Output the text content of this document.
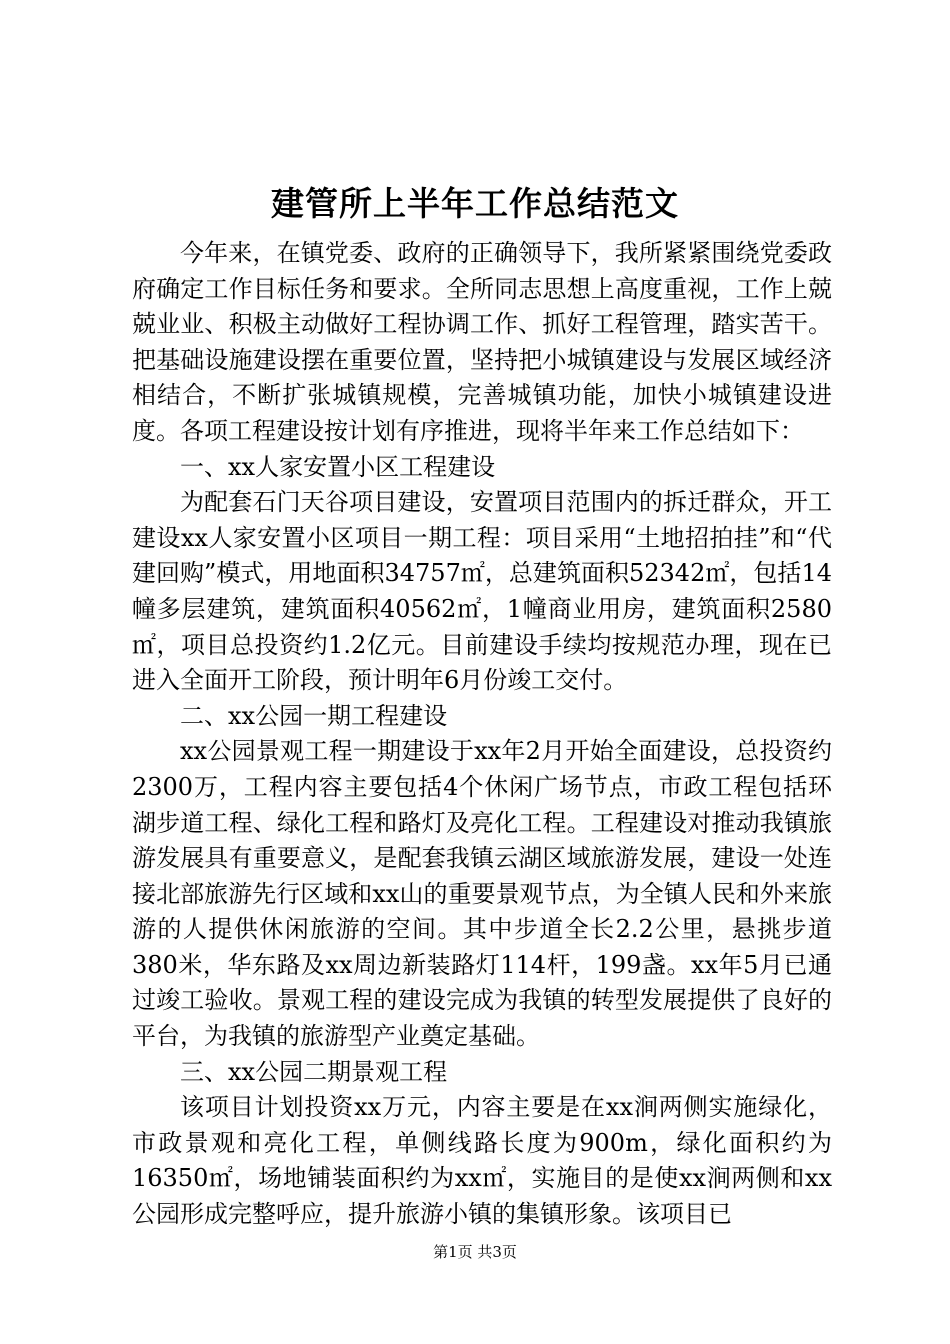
建管所上半年工作总结范文

今年来，在镇党委、政府的正确领导下，我所紧紧围绕党委政府确定工作目标任务和要求。全所同志思想上高度重视，工作上兢兢业业、积极主动做好工程协调工作、抓好工程管理，踏实苦干。把基础设施建设摆在重要位置，坚持把小城镇建设与发展区域经济相结合，不断扩张城镇规模，完善城镇功能，加快小城镇建设进度。各项工程建设按计划有序推进，现将半年来工作总结如下：

一、xx人家安置小区工程建设

为配套石门天谷项目建设，安置项目范围内的拆迁群众，开工建设xx人家安置小区项目一期工程：项目采用“土地招拍挂”和“代建回购”模式，用地面积34757㎡，总建筑面积52342㎡，包括14幢多层建筑，建筑面积40562㎡，1幢商业用房，建筑面积2580㎡，项目总投资约1.2亿元。目前建设手续均按规范办理，现在已进入全面开工阶段，预计明年6月份竣工交付。

二、xx公园一期工程建设

xx公园景观工程一期建设于xx年2月开始全面建设，总投资约2300万，工程内容主要包括4个休闲广场节点，市政工程包括环湖步道工程、绿化工程和路灯及亮化工程。工程建设对推动我镇旅游发展具有重要意义，是配套我镇云湖区域旅游发展，建设一处连接北部旅游先行区域和xx山的重要景观节点，为全镇人民和外来旅游的人提供休闲旅游的空间。其中步道全长2.2公里，悬挑步道380米，华东路及xx周边新装路灯114杆，199盏。xx年5月已通过竣工验收。景观工程的建设完成为我镇的转型发展提供了良好的平台，为我镇的旅游型产业奠定基础。

三、xx公园二期景观工程

该项目计划投资xx万元，内容主要是在xx涧两侧实施绿化，市政景观和亮化工程，单侧线路长度为900m，绿化面积约为16350㎡，场地铺装面积约为xx㎡，实施目的是使xx涧两侧和xx公园形成完整呼应，提升旅游小镇的集镇形象。该项目已

第1页 共3页
